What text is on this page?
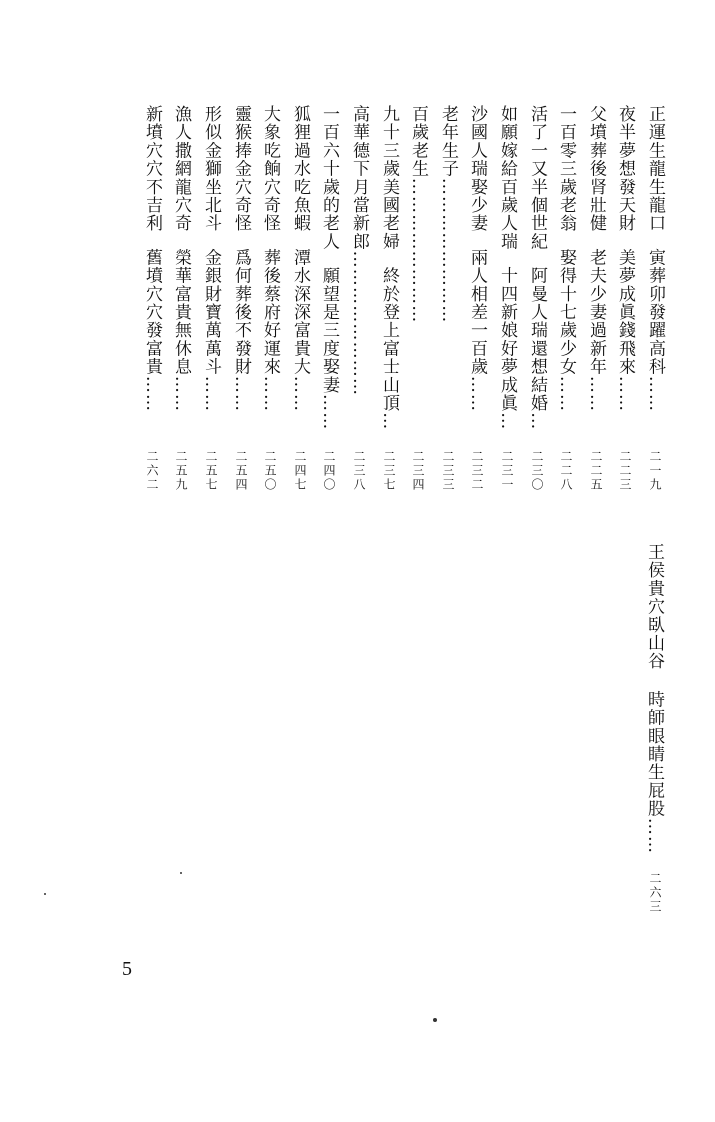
正運生龍生龍口寅葬卯發躍高科……
二一九
夜半夢想發天財美夢成眞錢飛來……
二二三
父墳葬後肾壯健老夫少妻過新年……
二二五
一百零三歲老翁娶得十七歲少女……
二二八
活了一又半個世紀阿曼人瑞還想結婚…
二三〇
如願嫁給百歲人瑞十四新娘好夢成眞…
二三一
沙國人瑞娶少妻兩人相差一百歲……
二三二
老年生子……………………
二三三
百歲老生……………………
二三四
九十三歲美國老婦終於登上富士山頂…
二三七
高華德下月當新郎……………………
二三八
一百六十歲的老人願望是三度娶妻……
二四〇
狐狸過水吃魚蝦潭水深深富貴大……
二四七
大象吃餉穴奇怪葬後蔡府好運來……
二五〇
靈猴捧金穴奇怪爲何葬後不發財……
二五四
形似金獅坐北斗金銀財寶萬萬斗……
二五七
漁人撒網龍穴奇榮華富貴無休息……
二五九
新墳穴穴不吉利舊墳穴穴發富貴……
二六二
王侯貴穴臥山谷時師眼睛生屁股……
二六三
5
